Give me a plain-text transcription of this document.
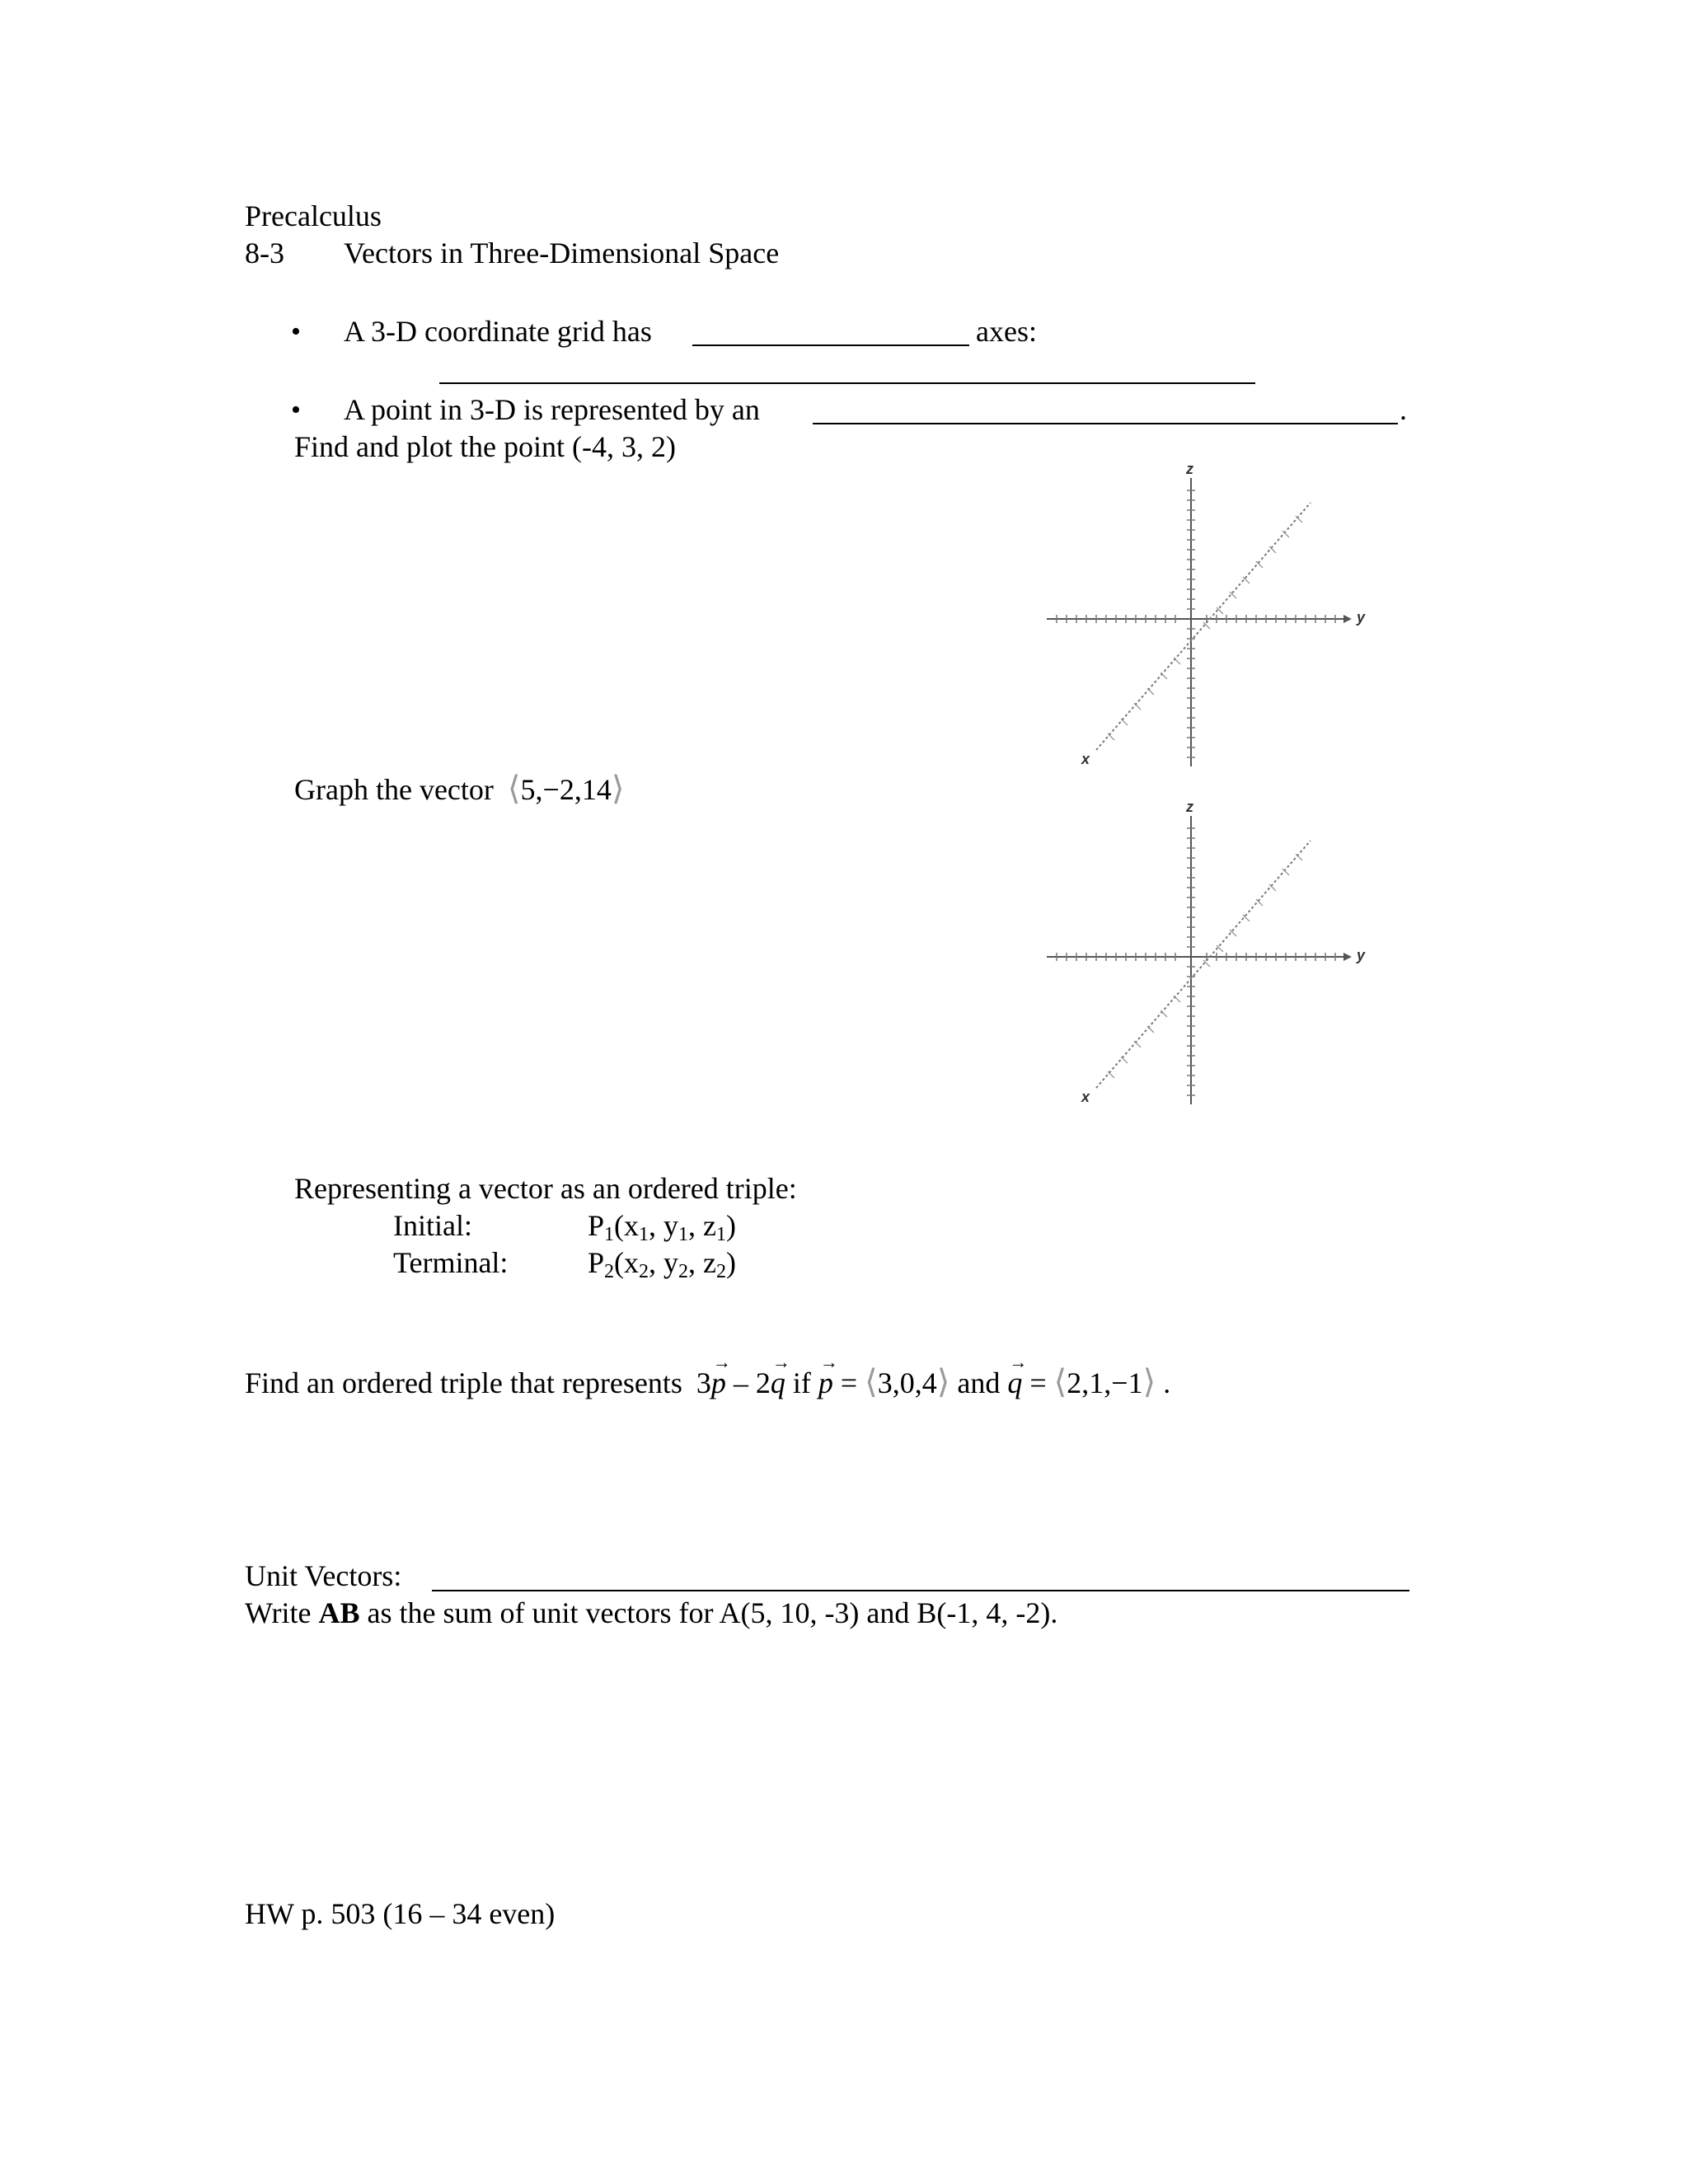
Precalculus
8-3 Vectors in Three-Dimensional Space
• A 3-D coordinate grid has	axes:
• A point in 3-D is represented by an	.
Find and plot the point (-4, 3, 2)
z
y
x
Graph the vector ⟨5,−2,14⟩	z
y
x
Representing a vector as an ordered triple:
Initial:	$P_1(x_1$, $y_1$, $z_1$)
Terminal:	$P_2(x_2$, $y_2$, $z_2$)
Find an ordered triple that represents 3
→
p – 2
→
q if
→
p = ⟨3,0,4⟩ and
→
q = ⟨2,1,−1⟩ .
Unit Vectors:
Write AB as the sum of unit vectors for A(5, 10, -3) and B(-1, 4, -2).
HW p. 503 (16 – 34 even)
